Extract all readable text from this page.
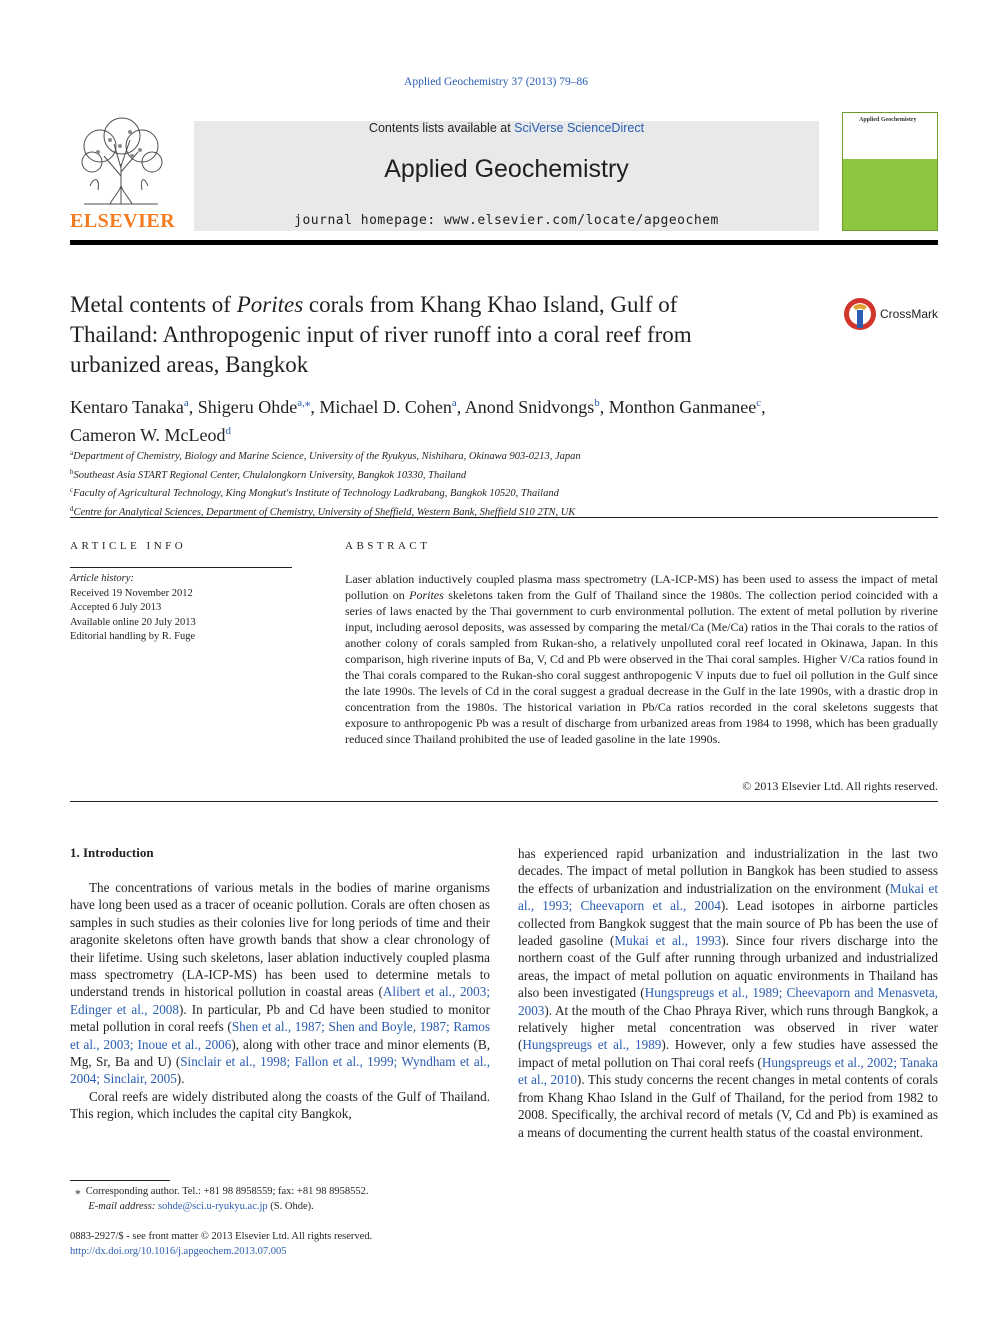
Applied Geochemistry 37 (2013) 79–86
ELSEVIER
Contents lists available at SciVerse ScienceDirect
Applied Geochemistry
journal homepage: www.elsevier.com/locate/apgeochem
Applied Geochemistry
Metal contents of Porites corals from Khang Khao Island, Gulf of Thailand: Anthropogenic input of river runoff into a coral reef from urbanized areas, Bangkok
CrossMark
Kentaro Tanaka$^a$, Shigeru Ohde$^{a,⁎}$, Michael D. Cohen$^a$, Anond Snidvongs$^b$, Monthon Ganmanee$^c$,
Cameron W. McLeod$^d$
$^a$Department of Chemistry, Biology and Marine Science, University of the Ryukyus, Nishihara, Okinawa 903-0213, Japan
$^b$Southeast Asia START Regional Center, Chulalongkorn University, Bangkok 10330, Thailand
$^c$Faculty of Agricultural Technology, King Mongkut's Institute of Technology Ladkrabang, Bangkok 10520, Thailand
$^d$Centre for Analytical Sciences, Department of Chemistry, University of Sheffield, Western Bank, Sheffield S10 2TN, UK
ARTICLE INFO
Article history:
Received 19 November 2012
Accepted 6 July 2013
Available online 20 July 2013
Editorial handling by R. Fuge
ABSTRACT
Laser ablation inductively coupled plasma mass spectrometry (LA-ICP-MS) has been used to assess the impact of metal pollution on Porites skeletons taken from the Gulf of Thailand since the 1980s. The collection period coincided with a series of laws enacted by the Thai government to curb environmental pollution. The extent of metal pollution by riverine input, including aerosol deposits, was assessed by comparing the metal/Ca (Me/Ca) ratios in the Thai corals to the ratios of another colony of corals sampled from Rukan-sho, a relatively unpolluted coral reef located in Okinawa, Japan. In this comparison, high riverine inputs of Ba, V, Cd and Pb were observed in the Thai coral samples. Higher V/Ca ratios found in the Thai corals compared to the Rukan-sho coral suggest anthropogenic V inputs due to fuel oil pollution in the Gulf since the late 1990s. The levels of Cd in the coral suggest a gradual decrease in the Gulf in the late 1990s, with a drastic drop in concentration from the 1980s. The historical variation in Pb/Ca ratios recorded in the coral skeletons suggests that exposure to anthropogenic Pb was a result of discharge from urbanized areas from 1984 to 1998, which has been gradually reduced since Thailand prohibited the use of leaded gasoline in the late 1990s.
© 2013 Elsevier Ltd. All rights reserved.
1. Introduction

The concentrations of various metals in the bodies of marine organisms have long been used as a tracer of oceanic pollution. Corals are often chosen as samples in such studies as their colonies live for long periods of time and their aragonite skeletons often have growth bands that show a clear chronology of their lifetime. Using such skeletons, laser ablation inductively coupled plasma mass spectrometry (LA-ICP-MS) has been used to determine metals to understand trends in historical pollution in coastal areas (Alibert et al., 2003; Edinger et al., 2008). In particular, Pb and Cd have been studied to monitor metal pollution in coral reefs (Shen et al., 1987; Shen and Boyle, 1987; Ramos et al., 2003; Inoue et al., 2006), along with other trace and minor elements (B, Mg, Sr, Ba and U) (Sinclair et al., 1998; Fallon et al., 1999; Wyndham et al., 2004; Sinclair, 2005).

Coral reefs are widely distributed along the coasts of the Gulf of Thailand. This region, which includes the capital city Bangkok,

has experienced rapid urbanization and industrialization in the last two decades. The impact of metal pollution in Bangkok has been studied to assess the effects of urbanization and industrialization on the environment (Mukai et al., 1993; Cheevaporn et al., 2004). Lead isotopes in airborne particles collected from Bangkok suggest that the main source of Pb has been the use of leaded gasoline (Mukai et al., 1993). Since four rivers discharge into the northern coast of the Gulf after running through urbanized and industrialized areas, the impact of metal pollution on aquatic environments in Thailand has also been investigated (Hungspreugs et al., 1989; Cheevaporn and Menasveta, 2003). At the mouth of the Chao Phraya River, which runs through Bangkok, a relatively higher metal concentration was observed in river water (Hungspreugs et al., 1989). However, only a few studies have assessed the impact of metal pollution on Thai coral reefs (Hungspreugs et al., 2002; Tanaka et al., 2010). This study concerns the recent changes in metal contents of corals from Khang Khao Island in the Gulf of Thailand, for the period from 1982 to 2008. Specifically, the archival record of metals (V, Cd and Pb) is examined as a means of documenting the current health status of the coastal environment.

⁎  Corresponding author. Tel.: +81 98 8958559; fax: +81 98 8958552.
E-mail address: sohde@sci.u-ryukyu.ac.jp (S. Ohde).
0883-2927/$ - see front matter © 2013 Elsevier Ltd. All rights reserved.
http://dx.doi.org/10.1016/j.apgeochem.2013.07.005
